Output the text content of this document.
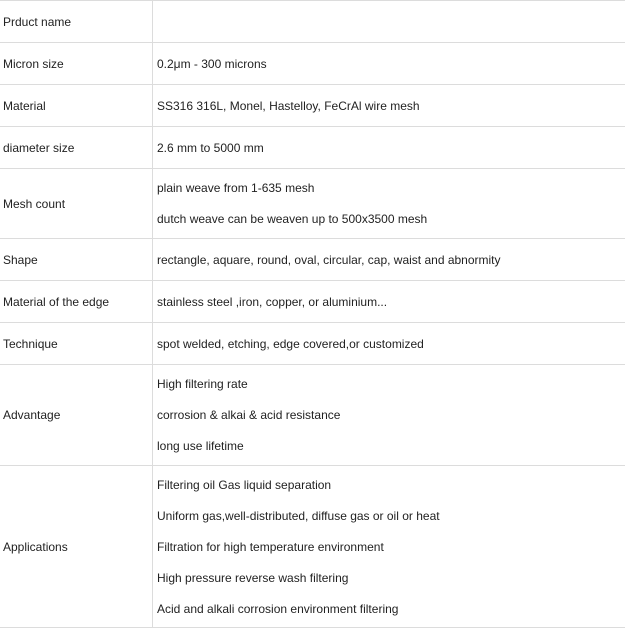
Prduct name	
Micron size	0.2μm - 300 microns

Material	SS316 316L, Monel, Hastelloy, FeCrAl wire mesh

diameter size	2.6 mm to 5000 mm

Mesh count	plain weave from 1-635 mesh
dutch weave can be weaven up to 500x3500 mesh

Shape	rectangle, aquare, round, oval, circular, cap, waist and abnormity

Material of the edge	stainless steel ,iron, copper, or aluminium...

Technique	spot welded, etching, edge covered,or customized

Advantage	High filtering rate
corrosion & alkai & acid resistance
long use lifetime

Applications	Filtering oil Gas liquid separation
Uniform gas,well-distributed, diffuse gas or oil or heat
Filtration for high temperature environment
High pressure reverse wash filtering
Acid and alkali corrosion environment filtering
